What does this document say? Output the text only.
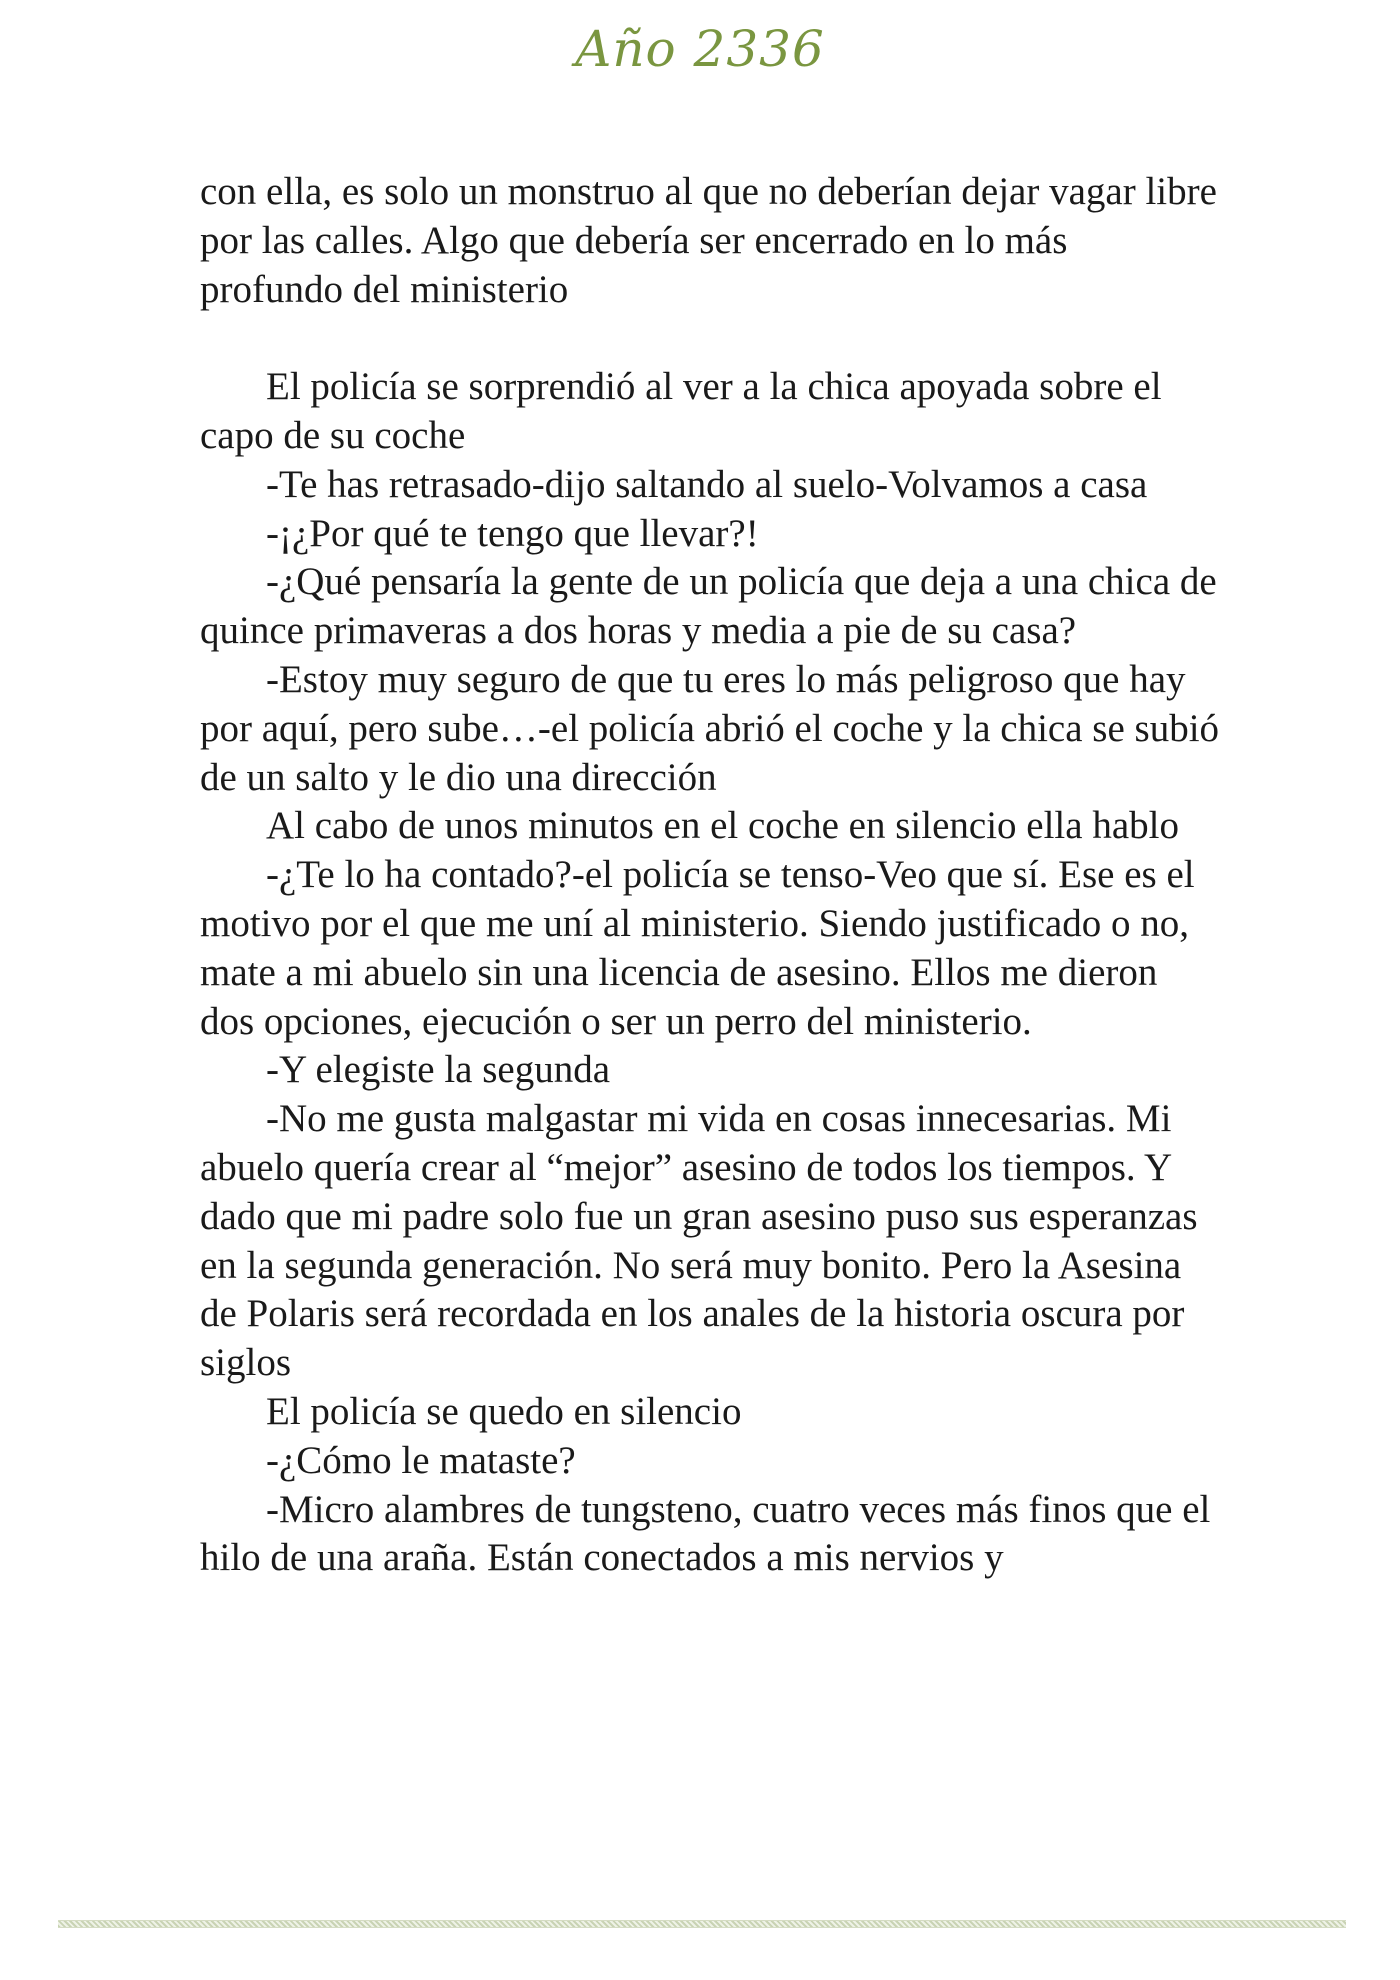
Año 2336

con ella, es solo un monstruo al que no deberían dejar vagar libre por las calles. Algo que debería ser encerrado en lo más profundo del ministerio

El policía se sorprendió al ver a la chica apoyada sobre el capo de su coche

-Te has retrasado-dijo saltando al suelo-Volvamos a casa

-¡¿Por qué te tengo que llevar?!

-¿Qué pensaría la gente de un policía que deja a una chica de quince primaveras a dos horas y media a pie de su casa?

-Estoy muy seguro de que tu eres lo más peligroso que hay por aquí, pero sube…-el policía abrió el coche y la chica se subió de un salto y le dio una dirección

Al cabo de unos minutos en el coche en silencio ella hablo

-¿Te lo ha contado?-el policía se tenso-Veo que sí. Ese es el motivo por el que me uní al ministerio. Siendo justificado o no, mate a mi abuelo sin una licencia de asesino. Ellos me dieron dos opciones, ejecución o ser un perro del ministerio.

-Y elegiste la segunda

-No me gusta malgastar mi vida en cosas innecesarias. Mi abuelo quería crear al “mejor” asesino de todos los tiempos. Y dado que mi padre solo fue un gran asesino puso sus esperanzas en la segunda generación. No será muy bonito. Pero la Asesina de Polaris será recordada en los anales de la historia oscura por siglos

El policía se quedo en silencio

-¿Cómo le mataste?

-Micro alambres de tungsteno, cuatro veces más finos que el hilo de una araña. Están conectados a mis nervios y
